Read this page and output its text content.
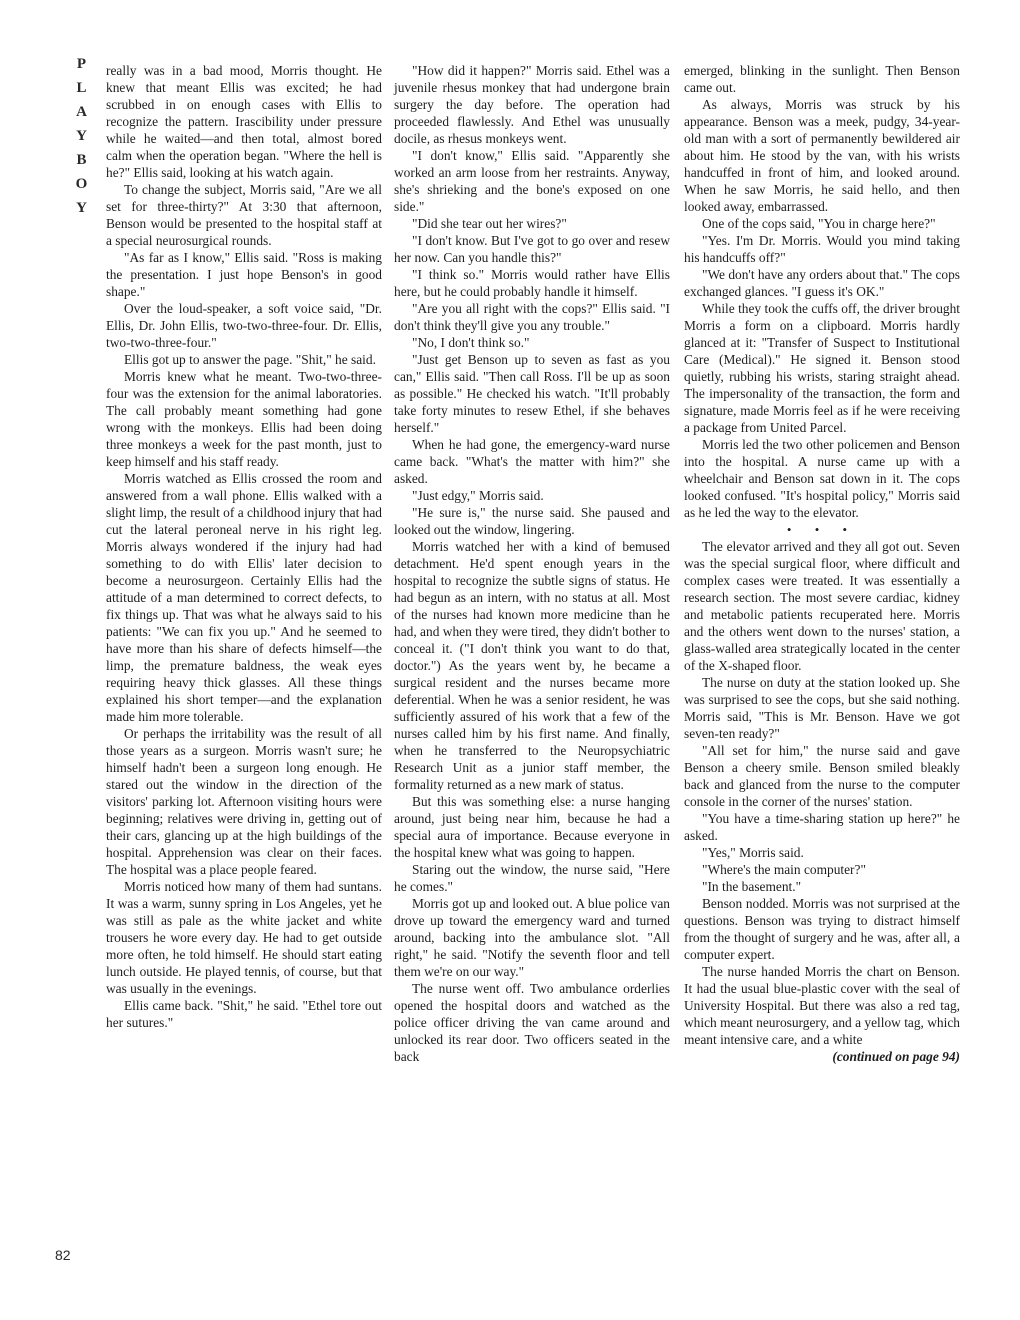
P
L
A
Y
B
O
Y

really was in a bad mood, Morris thought. He knew that meant Ellis was excited; he had scrubbed in on enough cases with Ellis to recognize the pattern. Irascibility under pressure while he waited—and then total, almost bored calm when the operation began. "Where the hell is he?" Ellis said, looking at his watch again.

To change the subject, Morris said, "Are we all set for three-thirty?" At 3:30 that afternoon, Benson would be presented to the hospital staff at a special neurosurgical rounds.

"As far as I know," Ellis said. "Ross is making the presentation. I just hope Benson's in good shape."

Over the loud-speaker, a soft voice said, "Dr. Ellis, Dr. John Ellis, two-two-three-four. Dr. Ellis, two-two-three-four."

Ellis got up to answer the page. "Shit," he said.

Morris knew what he meant. Two-two-three-four was the extension for the animal laboratories. The call probably meant something had gone wrong with the monkeys. Ellis had been doing three monkeys a week for the past month, just to keep himself and his staff ready.

Morris watched as Ellis crossed the room and answered from a wall phone. Ellis walked with a slight limp, the result of a childhood injury that had cut the lateral peroneal nerve in his right leg. Morris always wondered if the injury had had something to do with Ellis' later decision to become a neurosurgeon. Certainly Ellis had the attitude of a man determined to correct defects, to fix things up. That was what he always said to his patients: "We can fix you up." And he seemed to have more than his share of defects himself—the limp, the premature baldness, the weak eyes requiring heavy thick glasses. All these things explained his short temper—and the explanation made him more tolerable.

Or perhaps the irritability was the result of all those years as a surgeon. Morris wasn't sure; he himself hadn't been a surgeon long enough. He stared out the window in the direction of the visitors' parking lot. Afternoon visiting hours were beginning; relatives were driving in, getting out of their cars, glancing up at the high buildings of the hospital. Apprehension was clear on their faces. The hospital was a place people feared.

Morris noticed how many of them had suntans. It was a warm, sunny spring in Los Angeles, yet he was still as pale as the white jacket and white trousers he wore every day. He had to get outside more often, he told himself. He should start eating lunch outside. He played tennis, of course, but that was usually in the evenings.

Ellis came back. "Shit," he said. "Ethel tore out her sutures."

"How did it happen?" Morris said. Ethel was a juvenile rhesus monkey that had undergone brain surgery the day before. The operation had proceeded flawlessly. And Ethel was unusually docile, as rhesus monkeys went.

"I don't know," Ellis said. "Apparently she worked an arm loose from her restraints. Anyway, she's shrieking and the bone's exposed on one side."

"Did she tear out her wires?"

"I don't know. But I've got to go over and resew her now. Can you handle this?"

"I think so." Morris would rather have Ellis here, but he could probably handle it himself.

"Are you all right with the cops?" Ellis said. "I don't think they'll give you any trouble."

"No, I don't think so."

"Just get Benson up to seven as fast as you can," Ellis said. "Then call Ross. I'll be up as soon as possible." He checked his watch. "It'll probably take forty minutes to resew Ethel, if she behaves herself."

When he had gone, the emergency-ward nurse came back. "What's the matter with him?" she asked.

"Just edgy," Morris said.

"He sure is," the nurse said. She paused and looked out the window, lingering.

Morris watched her with a kind of bemused detachment. He'd spent enough years in the hospital to recognize the subtle signs of status. He had begun as an intern, with no status at all. Most of the nurses had known more medicine than he had, and when they were tired, they didn't bother to conceal it. ("I don't think you want to do that, doctor.") As the years went by, he became a surgical resident and the nurses became more deferential. When he was a senior resident, he was sufficiently assured of his work that a few of the nurses called him by his first name. And finally, when he transferred to the Neuropsychiatric Research Unit as a junior staff member, the formality returned as a new mark of status.

But this was something else: a nurse hanging around, just being near him, because he had a special aura of importance. Because everyone in the hospital knew what was going to happen.

Staring out the window, the nurse said, "Here he comes."

Morris got up and looked out. A blue police van drove up toward the emergency ward and turned around, backing into the ambulance slot. "All right," he said. "Notify the seventh floor and tell them we're on our way."

The nurse went off. Two ambulance orderlies opened the hospital doors and watched as the police officer driving the van came around and unlocked its rear door. Two officers seated in the back

emerged, blinking in the sunlight. Then Benson came out.

As always, Morris was struck by his appearance. Benson was a meek, pudgy, 34-year-old man with a sort of permanently bewildered air about him. He stood by the van, with his wrists handcuffed in front of him, and looked around. When he saw Morris, he said hello, and then looked away, embarrassed.

One of the cops said, "You in charge here?"

"Yes. I'm Dr. Morris. Would you mind taking his handcuffs off?"

"We don't have any orders about that." The cops exchanged glances. "I guess it's OK."

While they took the cuffs off, the driver brought Morris a form on a clipboard. Morris hardly glanced at it: "Transfer of Suspect to Institutional Care (Medical)." He signed it. Benson stood quietly, rubbing his wrists, staring straight ahead. The impersonality of the transaction, the form and signature, made Morris feel as if he were receiving a package from United Parcel.

Morris led the two other policemen and Benson into the hospital. A nurse came up with a wheelchair and Benson sat down in it. The cops looked confused. "It's hospital policy," Morris said as he led the way to the elevator.

• • •

The elevator arrived and they all got out. Seven was the special surgical floor, where difficult and complex cases were treated. It was essentially a research section. The most severe cardiac, kidney and metabolic patients recuperated here. Morris and the others went down to the nurses' station, a glass-walled area strategically located in the center of the X-shaped floor.

The nurse on duty at the station looked up. She was surprised to see the cops, but she said nothing. Morris said, "This is Mr. Benson. Have we got seven-ten ready?"

"All set for him," the nurse said and gave Benson a cheery smile. Benson smiled bleakly back and glanced from the nurse to the computer console in the corner of the nurses' station.

"You have a time-sharing station up here?" he asked.

"Yes," Morris said.

"Where's the main computer?"

"In the basement."

Benson nodded. Morris was not surprised at the questions. Benson was trying to distract himself from the thought of surgery and he was, after all, a computer expert.

The nurse handed Morris the chart on Benson. It had the usual blue-plastic cover with the seal of University Hospital. But there was also a red tag, which meant neurosurgery, and a yellow tag, which meant intensive care, and a white

(continued on page 94)

82
